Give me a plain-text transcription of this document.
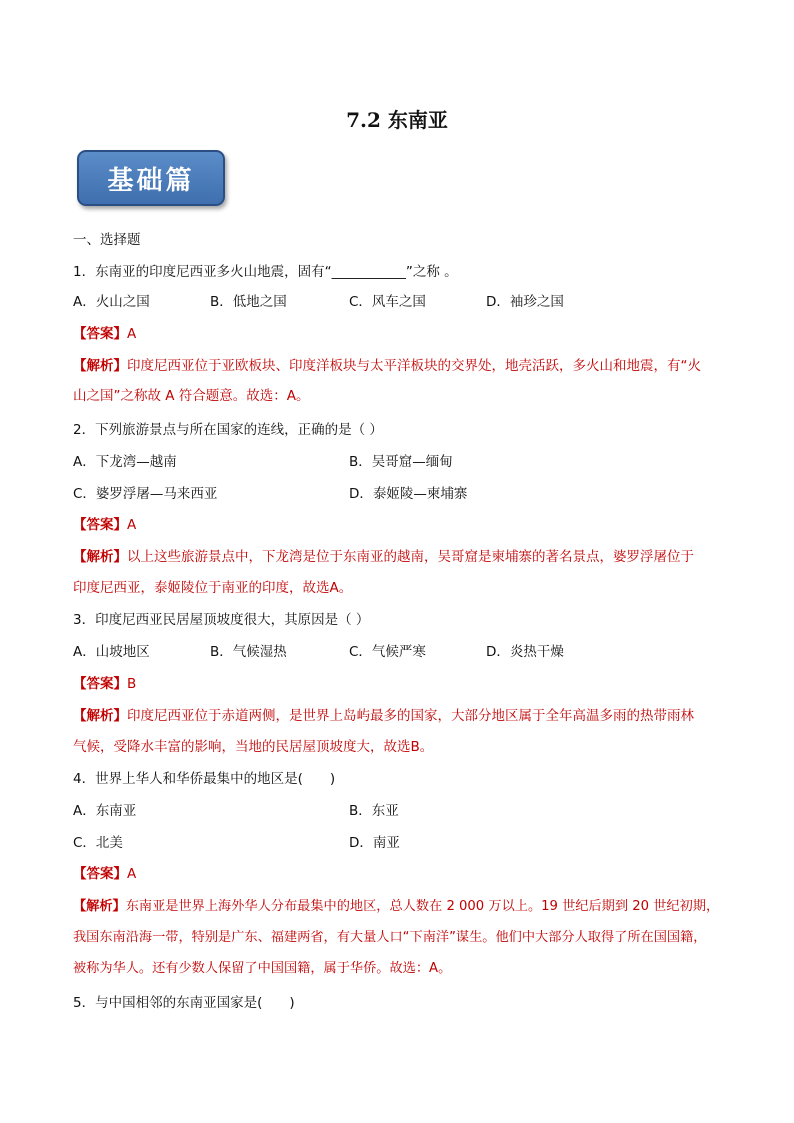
7.2 东南亚
基础篇
一、选择题
1．东南亚的印度尼西亚多火山地震，固有“___________”之称 。
A．火山之国	B．低地之国	C．风车之国	D．袖珍之国
【答案】A
【解析】印度尼西亚位于亚欧板块、印度洋板块与太平洋板块的交界处，地壳活跃，多火山和地震，有“火
山之国”之称故 A 符合题意。故选：A。
2．下列旅游景点与所在国家的连线，正确的是（ ）
A．下龙湾—越南	B．吴哥窟—缅甸
C．婆罗浮屠—马来西亚	D．泰姬陵—柬埔寨
【答案】A
【解析】以上这些旅游景点中，下龙湾是位于东南亚的越南，吴哥窟是柬埔寨的著名景点，婆罗浮屠位于
印度尼西亚，泰姬陵位于南亚的印度，故选A。
3．印度尼西亚民居屋顶坡度很大，其原因是（ ）
A．山坡地区	B．气候湿热	C．气候严寒	D．炎热干燥
【答案】B
【解析】印度尼西亚位于赤道两侧，是世界上岛屿最多的国家，大部分地区属于全年高温多雨的热带雨林
气候，受降水丰富的影响，当地的民居屋顶坡度大，故选B。
4．世界上华人和华侨最集中的地区是(　　)
A．东南亚	B．东亚
C．北美	D．南亚
【答案】A
【解析】东南亚是世界上海外华人分布最集中的地区，总人数在 2 000 万以上。19 世纪后期到 20 世纪初期，
我国东南沿海一带，特别是广东、福建两省，有大量人口“下南洋”谋生。他们中大部分人取得了所在国国籍，
被称为华人。还有少数人保留了中国国籍，属于华侨。故选：A。
5．与中国相邻的东南亚国家是(　　)
